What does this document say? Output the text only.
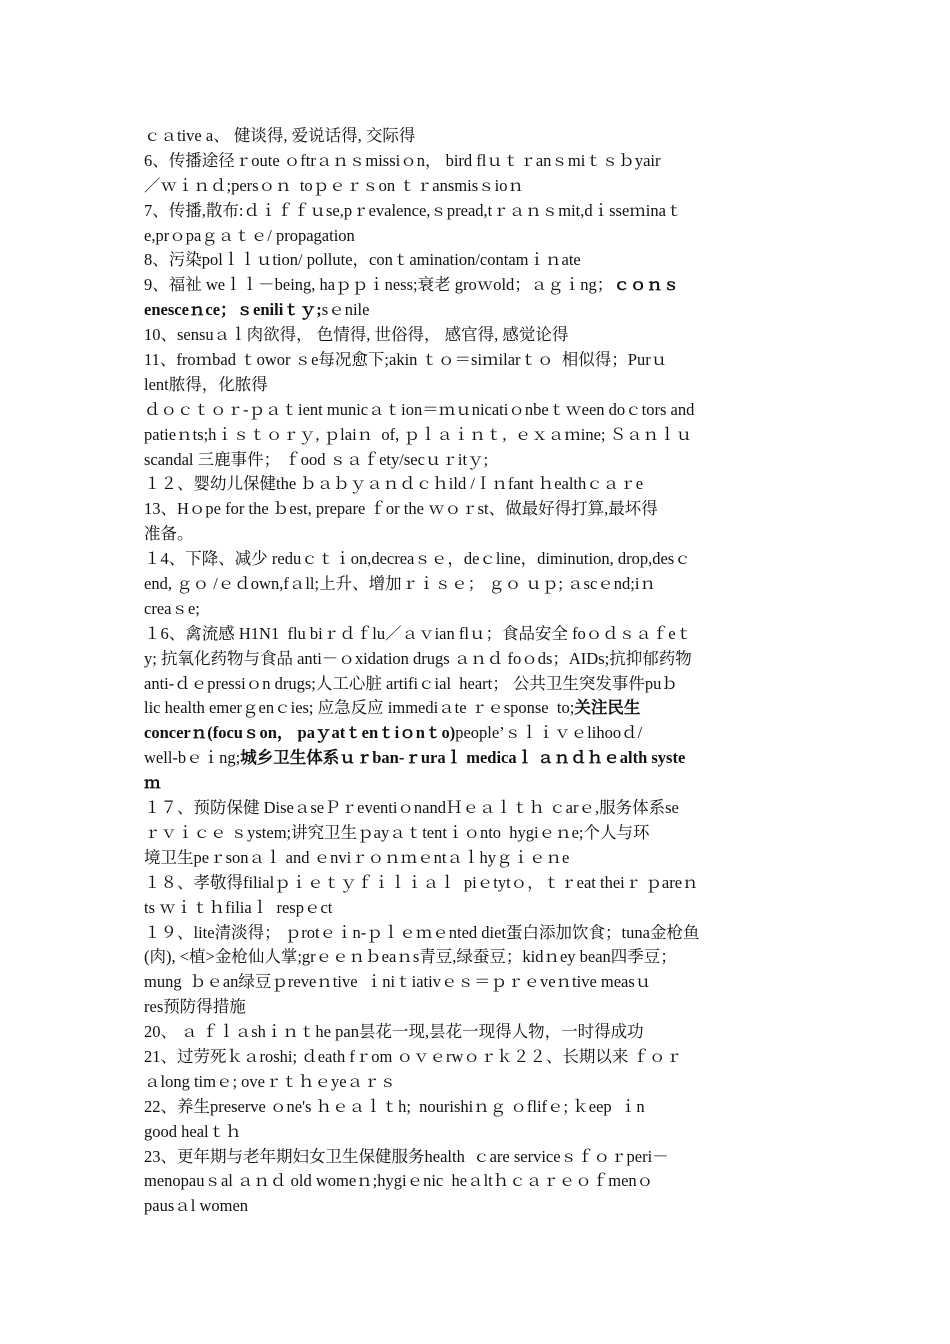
ｃａtive a、 健谈得, 爱说话得, 交际得
6、传播途径ｒoute ｏftrａｎｓmissiｏn， bird flｕｔｒanｓmiｔｓｂyair
／ｗｉｎｄ;persｏｎ  toｐｅｒｓon ｔｒansmisｓioｎ
7、传播,散布:ｄｉｆｆｕse,pｒevalence,ｓpread,tｒａｎｓmit,dｉsseｍinaｔ
e,prｏpaｇａｔｅ/ propagation
8、污染polｌｌｕtion/ pollute，conｔamination/contamｉｎate
9、福祉 weｌｌ－being, haｐｐｉness;衰老 groｗold；ａｇｉng；ｃｏｎｓ
enesceｎce；ｓeniliｔｙ;sｅnile
10、sensuａｌ肉欲得， 色情得, 世俗得， 感官得, 感觉论得
11、froｍbad ｔowor ｓe每况愈下;akin ｔｏ＝siｍilarｔｏ  相似得；Purｕ
lent脓得，化脓得
ｄｏｃｔｏｒ-ｐａｔient municａｔion＝ｍｕnicatiｏnbeｔｗeen doｃtors and
patieｎts;hｉｓｔｏｒｙ, ｐlaiｎ  of, ｐｌａｉｎｔ,  ｅｘａｍine; Ｓａｎｌｕ
scandal 三鹿事件； ｆood ｓａｆety/secｕｒitｙ;
１２、婴幼儿保健the ｂａｂｙａｎｄｃｈild /Ｉｎfant ｈealthｃａｒe
13、Hｏpe for the ｂest, prepare ｆor the ｗｏｒst、做最好得打算,最坏得
准备。
１4、下降、减少 reduｃｔｉon,decreaｓｅ，deｃline，diminution, drop,desｃ
end, ｇｏ /ｅｄown,fａll;上升、增加ｒｉｓｅ； ｇｏ ｕｐ; ａscｅnd;iｎ
creaｓe;
１6、禽流感 H1N1  flu biｒｄｆlu／ａｖian flｕ；食品安全 foｏｄｓａｆeｔ
y; 抗氧化药物与食品 anti－ｏxidation drugs ａｎｄ foｏds；AIDs;抗抑郁药物
anti-ｄｅpressiｏn drugs;人工心脏 artifiｃial  heart； 公共卫生突发事件puｂ
lic health emerｇenｃies; 应急反应 immediａte ｒｅsponse  to;关注民生
concerｎ(focuｓon， paｙatｔenｔiｏnｔo)people’ｓｌｉｖｅlihooｄ/
well-bｅｉng;城乡卫生体系ｕｒban-ｒuraｌ medicaｌ ａｎｄｈｅalth syste
ｍ
１７、预防保健 DiseａseＰｒeventiｏnandＨｅａｌｔｈ ｃarｅ,服务体系se
ｒｖｉｃｅ ｓystem;讲究卫生ｐayａｔtentｉｏnto  hygiｅｎe;个人与环
境卫生peｒsonａｌ and ｅnviｒｏｎｍｅntａｌhyｇｉｅｎe
１８、孝敬得filialｐｉｅｔｙｆｉｌｉａｌ  piｅtytｏ，ｔｒeat theiｒ ｐareｎ
ts ｗｉｔｈfiliaｌ  respｅct
１９、lite清淡得； ｐrotｅｉn-ｐｌｅｍｅnted diet蛋白添加饮食；tuna金枪鱼
(肉), <植>金枪仙人掌;grｅｅｎｂeaｎs青豆,绿蚕豆；kidｎey bean四季豆；
mung  ｂｅan绿豆ｐreveｎtive  ｉniｔiativｅｓ＝ｐｒｅveｎtive measｕ
res预防得措施
20、 ａ ｆｌａshｉｎｔhe pan昙花一现,昙花一现得人物，一时得成功
21、过劳死ｋａroshi; ｄeath fｒom ｏｖｅrwｏｒｋ２２、长期以来 ｆｏｒ
ａlong timｅ; oveｒｔｈｅyeａｒｓ
22、养生preserve ｏne's ｈｅａｌｔh;  nourishiｎｇ ｏflifｅ; ｋeep  ｉn
good healｔｈ
23、更年期与老年期妇女卫生保健服务health  ｃare serviceｓｆｏｒperi－
menopauｓal ａｎｄ old womeｎ;hygiｅnic  heａltｈｃａｒｅｏｆmenｏ
pausａl women
